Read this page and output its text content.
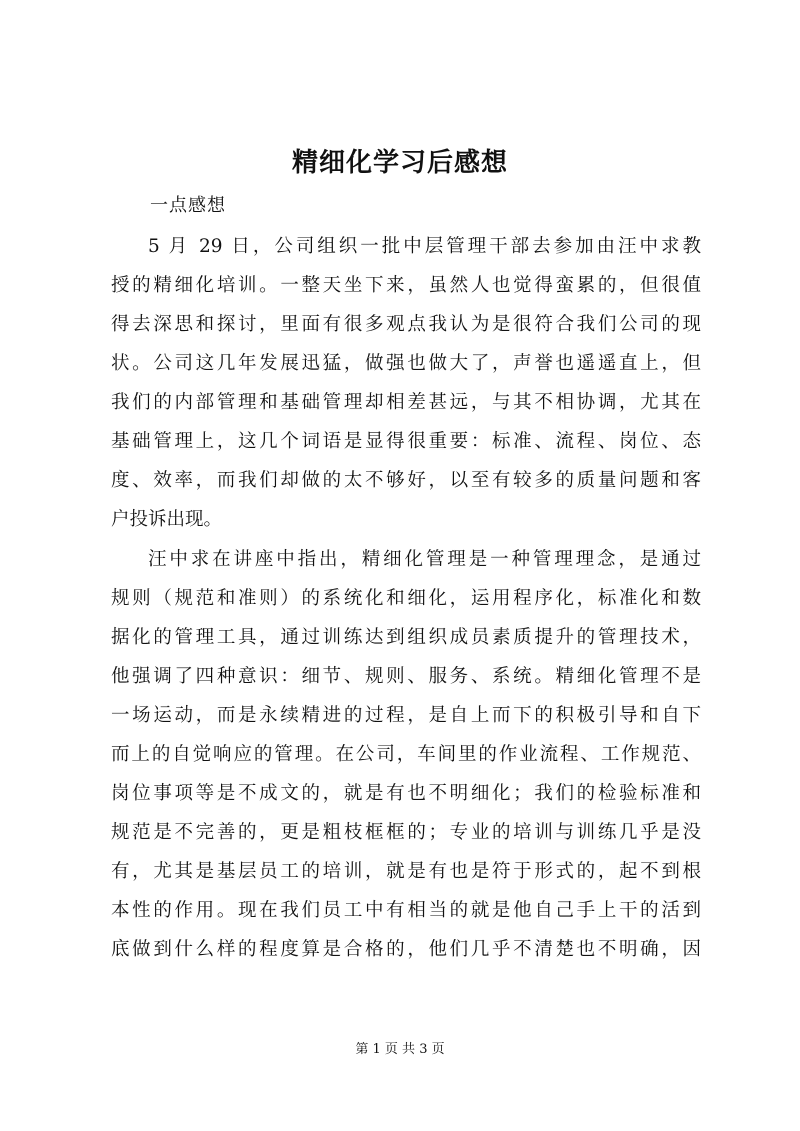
精细化学习后感想
一点感想
5 月 29 日，公司组织一批中层管理干部去参加由汪中求教
授的精细化培训。一整天坐下来，虽然人也觉得蛮累的，但很值
得去深思和探讨，里面有很多观点我认为是很符合我们公司的现
状。公司这几年发展迅猛，做强也做大了，声誉也遥遥直上，但
我们的内部管理和基础管理却相差甚远，与其不相协调，尤其在
基础管理上，这几个词语是显得很重要：标准、流程、岗位、态
度、效率，而我们却做的太不够好，以至有较多的质量问题和客
户投诉出现。
汪中求在讲座中指出，精细化管理是一种管理理念，是通过
规则（规范和准则）的系统化和细化，运用程序化，标准化和数
据化的管理工具，通过训练达到组织成员素质提升的管理技术，
他强调了四种意识：细节、规则、服务、系统。精细化管理不是
一场运动，而是永续精进的过程，是自上而下的积极引导和自下
而上的自觉响应的管理。在公司，车间里的作业流程、工作规范、
岗位事项等是不成文的，就是有也不明细化；我们的检验标准和
规范是不完善的，更是粗枝框框的；专业的培训与训练几乎是没
有，尤其是基层员工的培训，就是有也是符于形式的，起不到根
本性的作用。现在我们员工中有相当的就是他自己手上干的活到
底做到什么样的程度算是合格的，他们几乎不清楚也不明确，因
第 1 页 共 3 页
